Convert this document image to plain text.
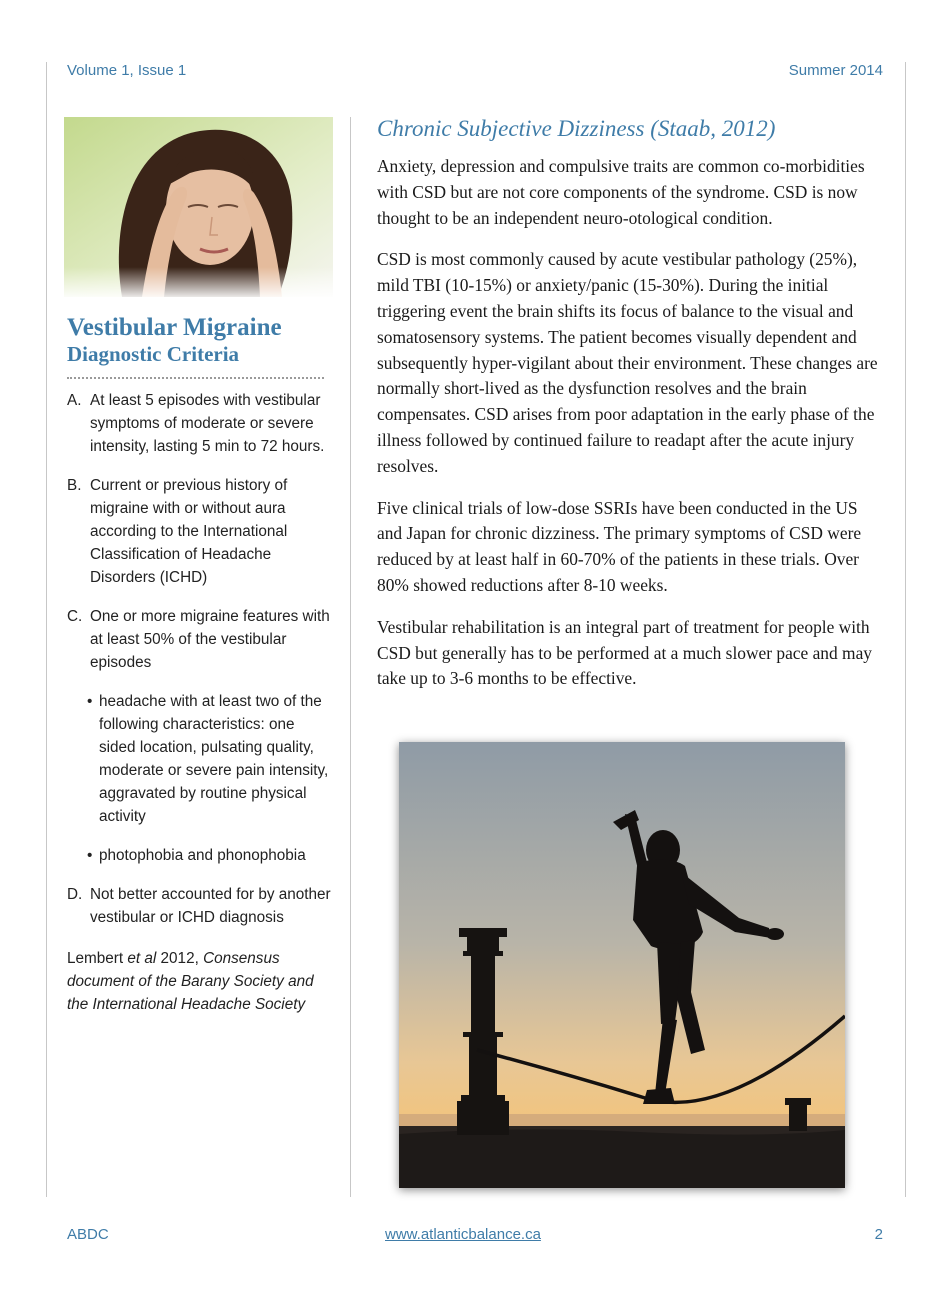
Volume 1, Issue 1	Summer 2014
Vestibular Migraine
Diagnostic Criteria
A. At least 5 episodes with vestibular symptoms of moderate or severe intensity, lasting 5 min to 72 hours.
B. Current or previous history of migraine with or without aura according to the International Classification of Headache Disorders (ICHD)
C. One or more migraine features with at least 50% of the vestibular episodes
• headache with at least two of the following characteristics: one sided location, pulsating quality, moderate or severe pain intensity, aggravated by routine physical activity
• photophobia and phonophobia
D. Not better accounted for by another vestibular or ICHD diagnosis
Lembert et al 2012, Consensus document of the Barany Society and the International Headache Society
Chronic Subjective Dizziness (Staab, 2012)

Anxiety, depression and compulsive traits are common co-morbidities with CSD but are not core components of the syndrome. CSD is now thought to be an independent neuro-otological condition.

CSD is most commonly caused by acute vestibular pathology (25%), mild TBI (10-15%) or anxiety/panic (15-30%). During the initial triggering event the brain shifts its focus of balance to the visual and somatosensory systems. The patient becomes visually dependent and subsequently hyper-vigilant about their environment. These changes are normally short-lived as the dysfunction resolves and the brain compensates. CSD arises from poor adaptation in the early phase of the illness followed by continued failure to readapt after the acute injury resolves.

Five clinical trials of low-dose SSRIs have been conducted in the US and Japan for chronic dizziness. The primary symptoms of CSD were reduced by at least half in 60-70% of the patients in these trials. Over 80% showed reductions after 8-10 weeks.

Vestibular rehabilitation is an integral part of treatment for people with CSD but generally has to be performed at a much slower pace and may take up to 3-6 months to be effective.

ABDC	www.atlanticbalance.ca	2
